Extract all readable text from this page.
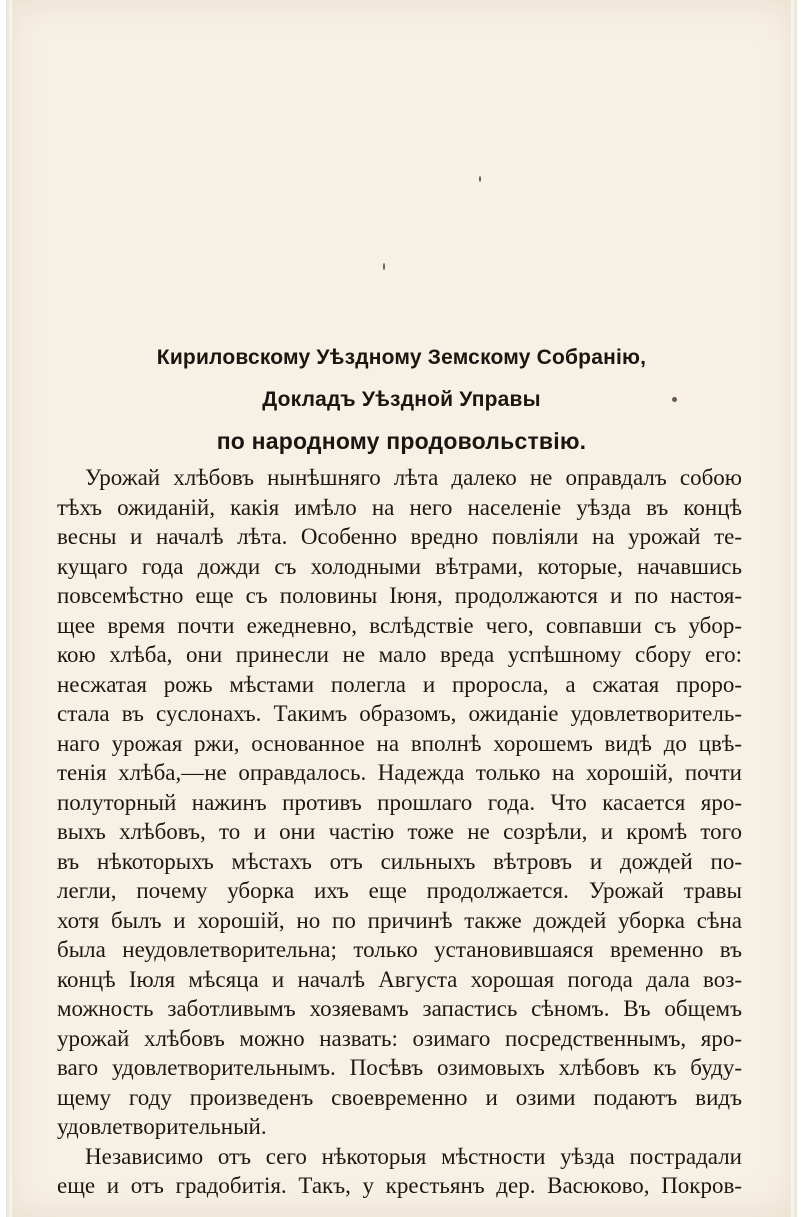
Кириловскому Уѣздному Земскому Собранію,
Докладъ Уѣздной Управы
по народному продовольствію.
Урожай хлѣбовъ нынѣшняго лѣта далеко не оправдалъ собою
тѣхъ ожиданій, какія имѣло на него населеніе уѣзда въ концѣ
весны и началѣ лѣта. Особенно вредно повліяли на урожай те-
кущаго года дожди съ холодными вѣтрами, которые, начавшись
повсемѣстно еще съ половины Іюня, продолжаются и по настоя-
щее время почти ежедневно, вслѣдствіе чего, совпавши съ убор-
кою хлѣба, они принесли не мало вреда успѣшному сбору его:
несжатая рожь мѣстами полегла и проросла, а сжатая проро-
стала въ суслонахъ. Такимъ образомъ, ожиданіе удовлетворитель-
наго урожая ржи, основанное на вполнѣ хорошемъ видѣ до цвѣ-
тенія хлѣба,—не оправдалось. Надежда только на хорошій, почти
полуторный нажинъ противъ прошлаго года. Что касается яро-
выхъ хлѣбовъ, то и они частію тоже не созрѣли, и кромѣ того
въ нѣкоторыхъ мѣстахъ отъ сильныхъ вѣтровъ и дождей по-
легли, почему уборка ихъ еще продолжается. Урожай травы
хотя былъ и хорошій, но по причинѣ также дождей уборка сѣна
была неудовлетворительна; только установившаяся временно въ
концѣ Іюля мѣсяца и началѣ Августа хорошая погода дала воз-
можность заботливымъ хозяевамъ запастись сѣномъ. Въ общемъ
урожай хлѣбовъ можно назвать: озимаго посредственнымъ, яро-
ваго удовлетворительнымъ. Посѣвъ озимовыхъ хлѣбовъ къ буду-
щему году произведенъ своевременно и озими подаютъ видъ
удовлетворительный.
Независимо отъ сего нѣкоторыя мѣстности уѣзда пострадали
еще и отъ градобитія. Такъ, у крестьянъ дер. Васюково, Покров-
